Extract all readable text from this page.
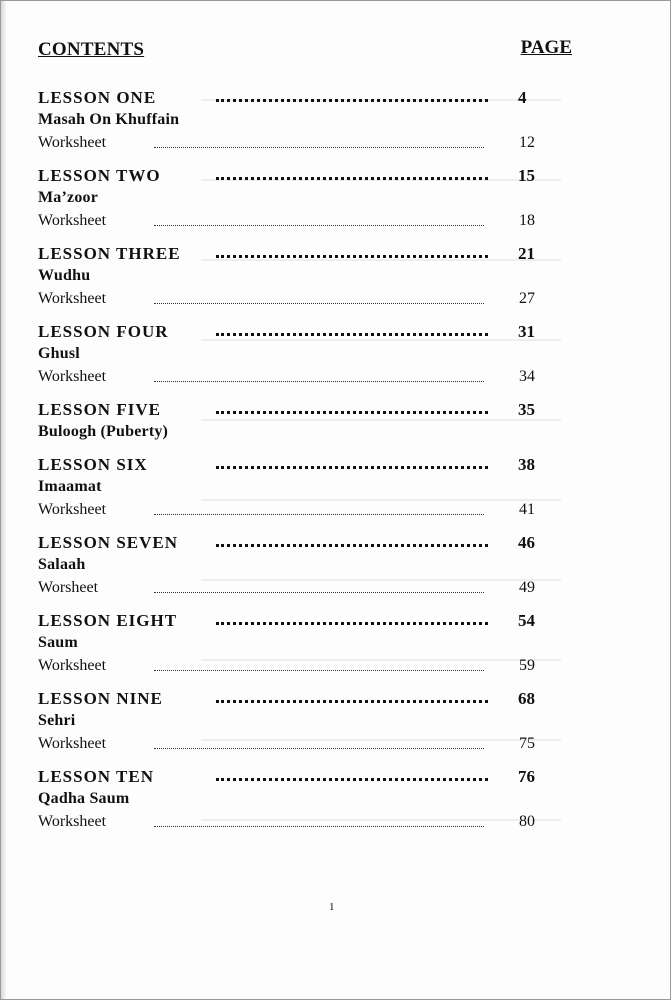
CONTENTS	PAGE
LESSON ONE	4
Masah On Khuffain
Worksheet	12
LESSON TWO	15
Ma’zoor
Worksheet	18
LESSON THREE	21
Wudhu
Worksheet	27
LESSON FOUR	31
Ghusl
Worksheet	34
LESSON FIVE	35
Buloogh (Puberty)
LESSON SIX	38
Imaamat
Worksheet	41
LESSON SEVEN	46
Salaah
Worsheet	49
LESSON EIGHT	54
Saum
Worksheet	59
LESSON NINE	68
Sehri
Worksheet	75
LESSON TEN	76
Qadha Saum
Worksheet	80
1
